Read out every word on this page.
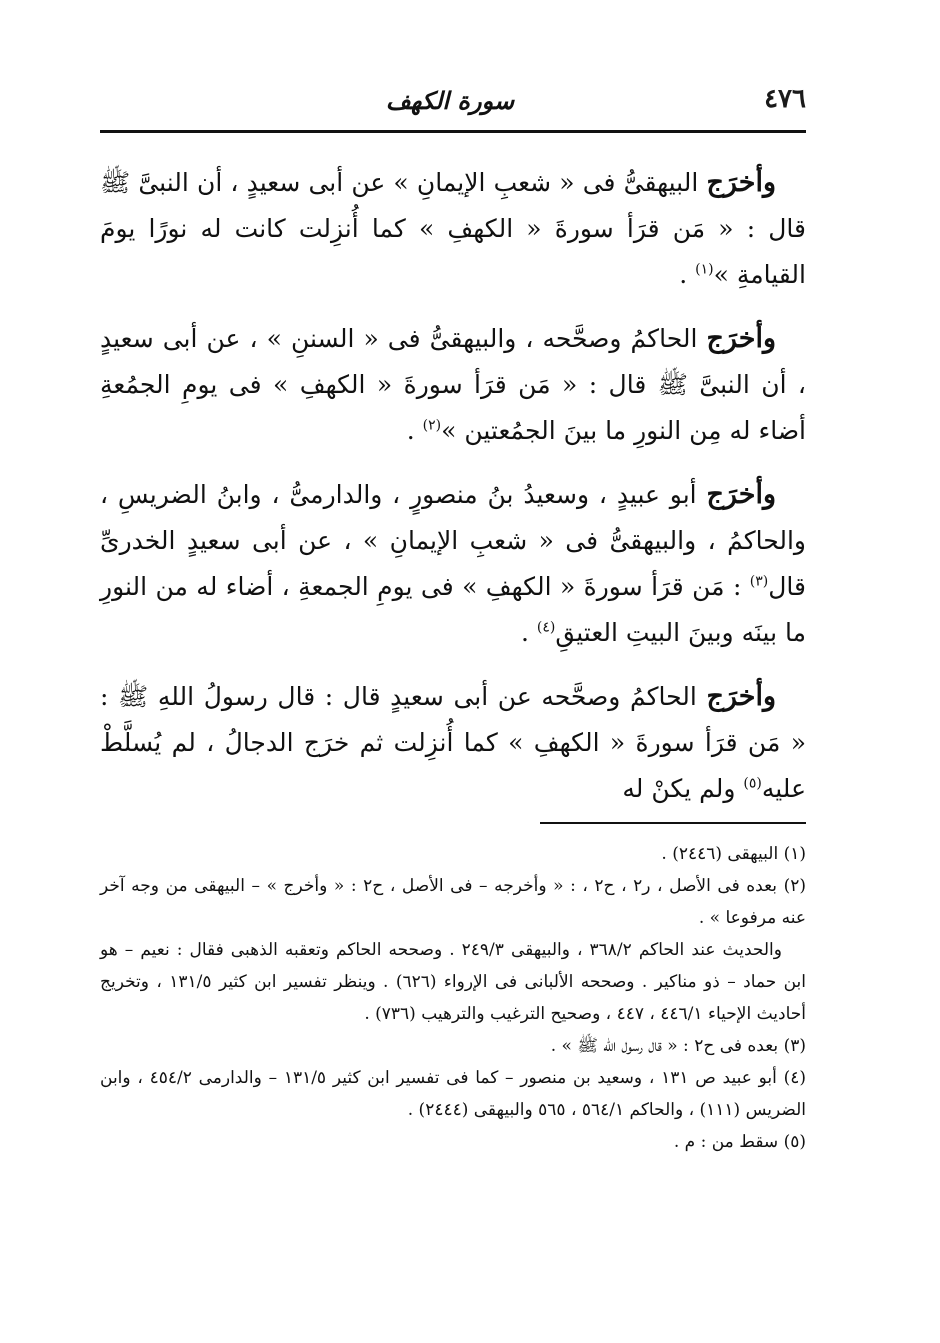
٤٧٦
سورة الكهف

وأخرَج البيهقىُّ فى « شعبِ الإيمانِ » عن أبى سعيدٍ ، أن النبىَّ ﷺ قال : « مَن قرَأ سورةَ « الكهفِ » كما أُنزِلت كانت له نورًا يومَ القيامةِ »$^{(١)}$ .

وأخرَج الحاكمُ وصحَّحه ، والبيهقىُّ فى « السننِ » ، عن أبى سعيدٍ ، أن النبىَّ ﷺ قال : « مَن قرَأ سورةَ « الكهفِ » فى يومِ الجمُعةِ أضاء له مِن النورِ ما بينَ الجمُعتين »$^{(٢)}$ .

وأخرَج أبو عبيدٍ ، وسعيدُ بنُ منصورٍ ، والدارمىُّ ، وابنُ الضريسِ ، والحاكمُ ، والبيهقىُّ فى « شعبِ الإيمانِ » ، عن أبى سعيدٍ الخدرىِّ قال$^{(٣)}$ : مَن قرَأ سورةَ « الكهفِ » فى يومِ الجمعةِ ، أضاء له من النورِ ما بينَه وبينَ البيتِ العتيقِ$^{(٤)}$ .

وأخرَج الحاكمُ وصحَّحه عن أبى سعيدٍ قال : قال رسولُ اللهِ ﷺ : « مَن قرَأ سورةَ « الكهفِ » كما أُنزِلت ثم خرَج الدجالُ ، لم يُسلَّطْ عليه$^{(٥)}$ ولم يكنْ له

(١) البيهقى (٢٤٤٦) .

(٢) بعده فى الأصل ، ر٢ ، ح٢ ، : « وأخرجه – فى الأصل ، ح٢ : « وأخرج » – البيهقى من وجه آخر عنه مرفوعا » .

والحديث عند الحاكم ٣٦٨/٢ ، والبيهقى ٢٤٩/٣ . وصححه الحاكم وتعقبه الذهبى فقال : نعيم – هو ابن حماد – ذو مناكير . وصححه الألبانى فى الإرواء (٦٢٦) . وينظر تفسير ابن كثير ١٣١/٥ ، وتخريج أحاديث الإحياء ٤٤٦/١ ، ٤٤٧ ، وصحيح الترغيب والترهيب (٧٣٦) .

(٣) بعده فى ح٢ : « قال رسول الله ﷺ » .

(٤) أبو عبيد ص ١٣١ ، وسعيد بن منصور – كما فى تفسير ابن كثير ١٣١/٥ – والدارمى ٤٥٤/٢ ، وابن الضريس (١١١) ، والحاكم ٥٦٤/١ ، ٥٦٥ والبيهقى (٢٤٤٤) .

(٥) سقط من : م .
